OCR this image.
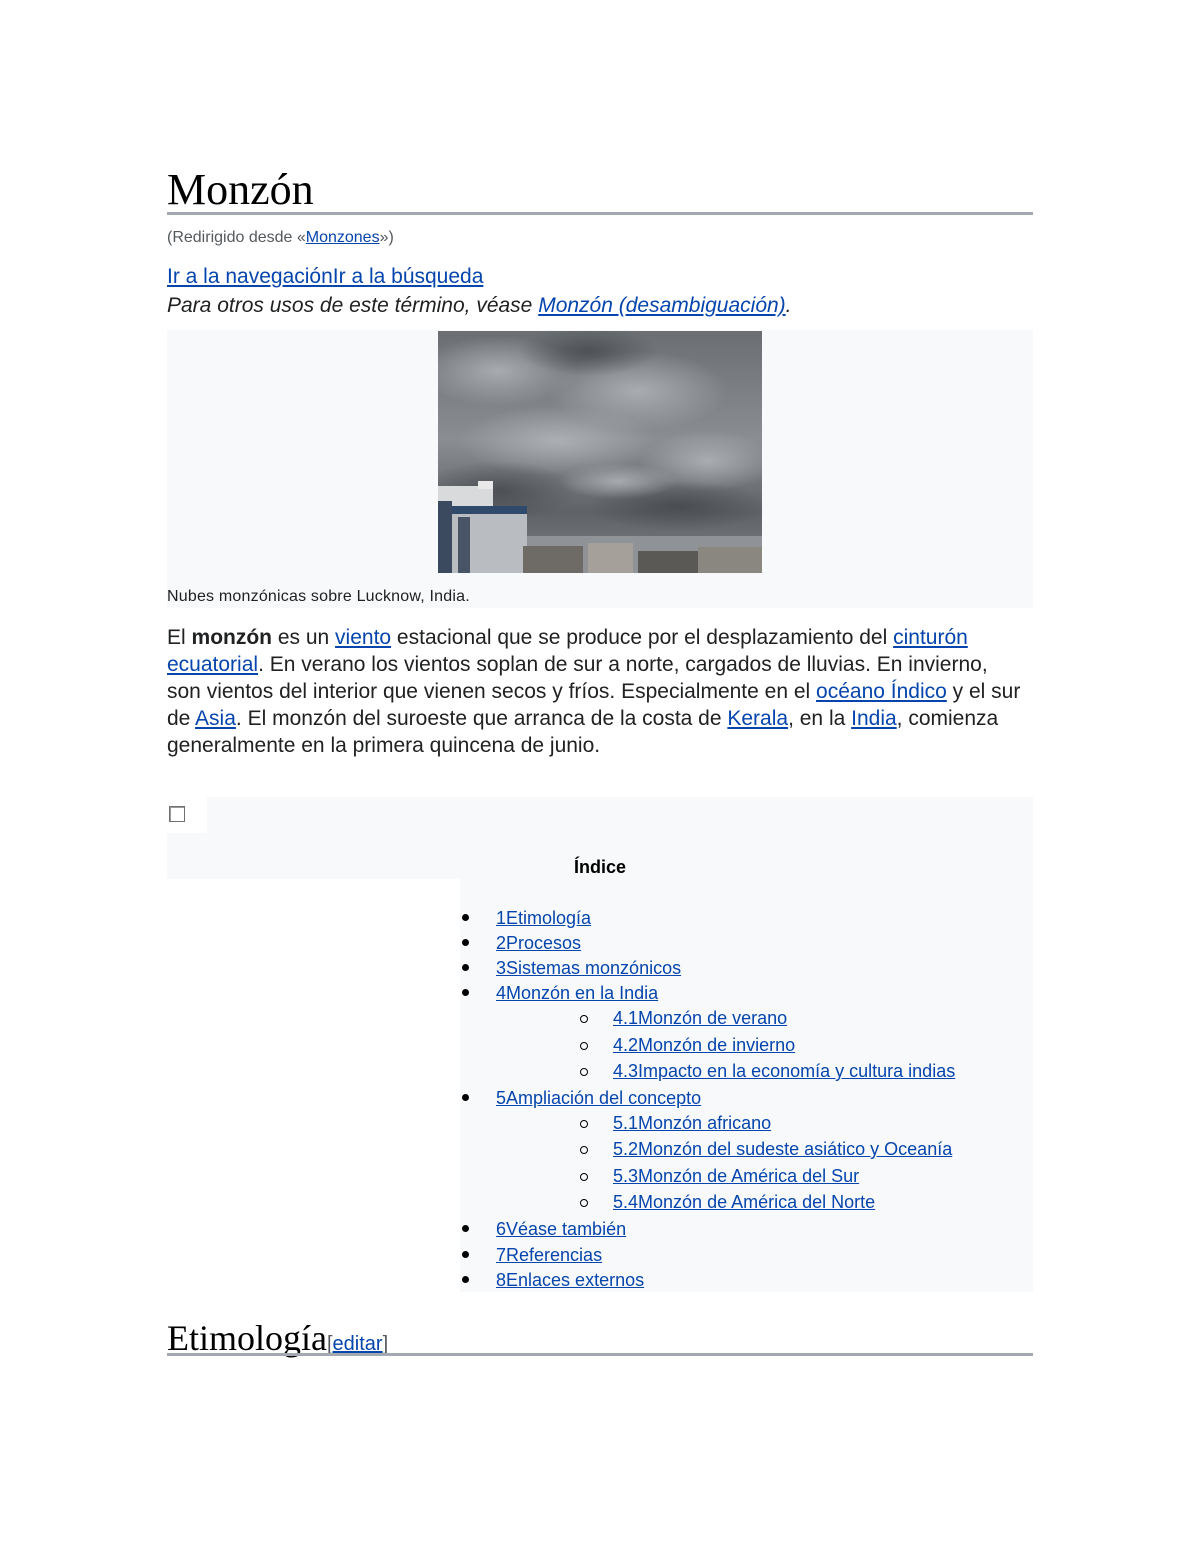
Monzón
(Redirigido desde «Monzones»)
Ir a la navegaciónIr a la búsqueda
Para otros usos de este término, véase Monzón (desambiguación).
Nubes monzónicas sobre Lucknow, India.

El monzón es un viento estacional que se produce por el desplazamiento del cinturón ecuatorial. En verano los vientos soplan de sur a norte, cargados de lluvias. En invierno, son vientos del interior que vienen secos y fríos. Especialmente en el océano Índico y el sur de Asia. El monzón del suroeste que arranca de la costa de Kerala, en la India, comienza generalmente en la primera quincena de junio.

Índice
1Etimología
2Procesos
3Sistemas monzónicos
4Monzón en la India
4.1Monzón de verano
4.2Monzón de invierno
4.3Impacto en la economía y cultura indias
5Ampliación del concepto
5.1Monzón africano
5.2Monzón del sudeste asiático y Oceanía
5.3Monzón de América del Sur
5.4Monzón de América del Norte
6Véase también
7Referencias
8Enlaces externos
Etimología[editar]
